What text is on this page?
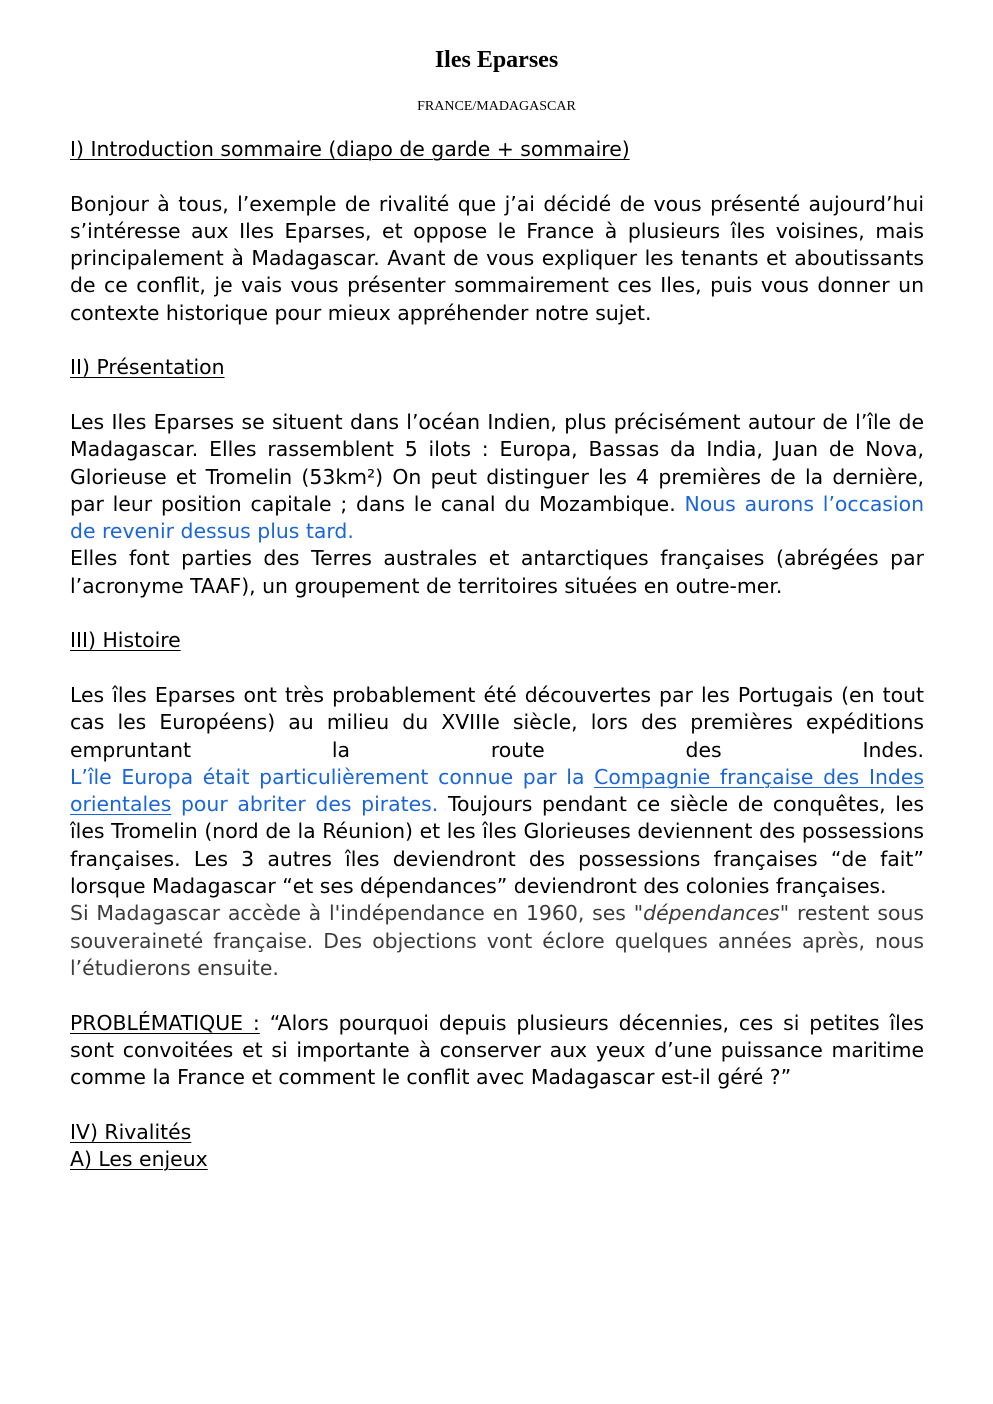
Iles Eparses
FRANCE/MADAGASCAR

I) Introduction sommaire (diapo de garde + sommaire)

Bonjour à tous, l’exemple de rivalité que j’ai décidé de vous présenté aujourd’hui s’intéresse aux Iles Eparses, et oppose le France à plusieurs îles voisines, mais principalement à Madagascar. Avant de vous expliquer les tenants et aboutissants de ce conflit, je vais vous présenter sommairement ces Iles, puis vous donner un contexte historique pour mieux appréhender notre sujet.

II) Présentation

Les Iles Eparses se situent dans l’océan Indien, plus précisément autour de l’île de Madagascar. Elles rassemblent 5 ilots : Europa, Bassas da India, Juan de Nova, Glorieuse et Tromelin (53km²) On peut distinguer les 4 premières de la dernière, par leur position capitale ; dans le canal du Mozambique. Nous aurons l’occasion de revenir dessus plus tard.

Elles font parties des Terres australes et antarctiques françaises (abrégées par l’acronyme TAAF), un groupement de territoires situées en outre-mer.

III) Histoire

Les îles Eparses ont très probablement été découvertes par les Portugais (en tout cas les Européens) au milieu du XVIIIe siècle, lors des premières expéditions empruntant la route des Indes.

L’île Europa était particulièrement connue par la Compagnie française des Indes orientales pour abriter des pirates. Toujours pendant ce siècle de conquêtes, les îles Tromelin (nord de la Réunion) et les îles Glorieuses deviennent des possessions françaises. Les 3 autres îles deviendront des possessions françaises “de fait” lorsque Madagascar “et ses dépendances” deviendront des colonies françaises.

Si Madagascar accède à l'indépendance en 1960, ses "dépendances" restent sous souveraineté française. Des objections vont éclore quelques années après, nous l’étudierons ensuite.

PROBLÉMATIQUE : “Alors pourquoi depuis plusieurs décennies, ces si petites îles sont convoitées et si importante à conserver aux yeux d’une puissance maritime comme la France et comment le conflit avec Madagascar est-il géré ?”

IV) Rivalités

A) Les enjeux
